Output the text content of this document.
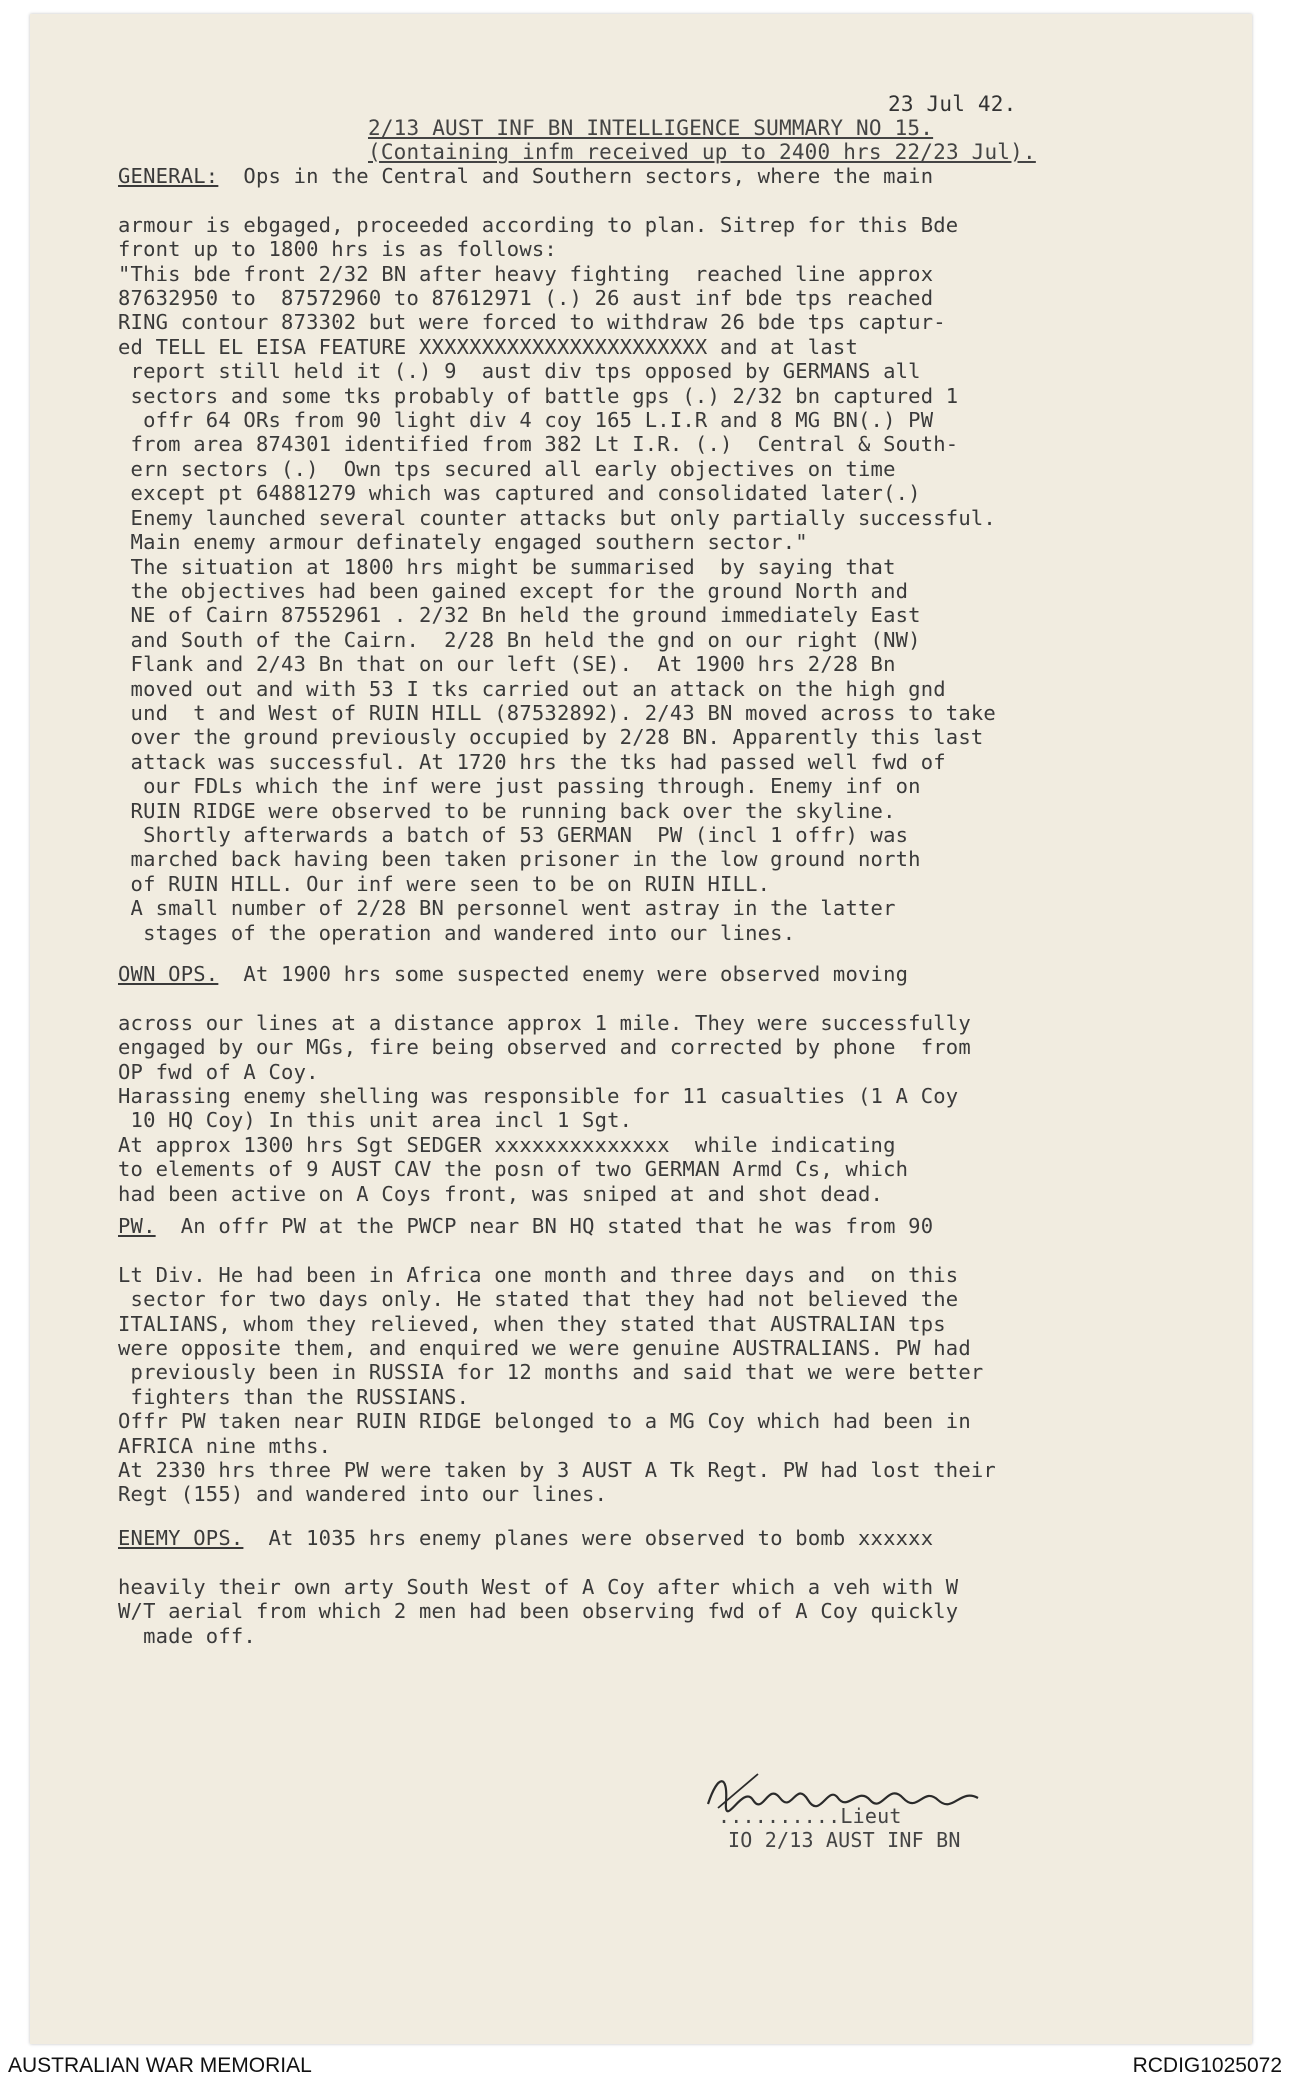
23 Jul 42.
2/13 AUST INF BN INTELLIGENCE SUMMARY NO 15.
(Containing infm received up to 2400 hrs 22/23 Jul).
GENERAL:  Ops in the Central and Southern sectors, where the main

armour is ebgaged, proceeded according to plan. Sitrep for this Bde
front up to 1800 hrs is as follows:
"This bde front 2/32 BN after heavy fighting  reached line approx
87632950 to  87572960 to 87612971 (.) 26 aust inf bde tps reached
RING contour 873302 but were forced to withdraw 26 bde tps captur-
ed TELL EL EISA FEATURE XXXXXXXXXXXXXXXXXXXXXXX and at last
report still held it (.) 9  aust div tps opposed by GERMANS all
sectors and some tks probably of battle gps (.) 2/32 bn captured 1
offr 64 ORs from 90 light div 4 coy 165 L.I.R and 8 MG BN(.) PW
from area 874301 identified from 382 Lt I.R. (.)  Central & South-
ern sectors (.)  Own tps secured all early objectives on time
except pt 64881279 which was captured and consolidated later(.)
Enemy launched several counter attacks but only partially successful.
Main enemy armour definately engaged southern sector."
The situation at 1800 hrs might be summarised  by saying that
the objectives had been gained except for the ground North and
NE of Cairn 87552961 . 2/32 Bn held the ground immediately East
and South of the Cairn.  2/28 Bn held the gnd on our right (NW)
Flank and 2/43 Bn that on our left (SE).  At 1900 hrs 2/28 Bn
moved out and with 53 I tks carried out an attack on the high gnd
und  t and West of RUIN HILL (87532892). 2/43 BN moved across to take
over the ground previously occupied by 2/28 BN. Apparently this last
attack was successful. At 1720 hrs the tks had passed well fwd of
our FDLs which the inf were just passing through. Enemy inf on
RUIN RIDGE were observed to be running back over the skyline.
Shortly afterwards a batch of 53 GERMAN  PW (incl 1 offr) was
marched back having been taken prisoner in the low ground north
of RUIN HILL. Our inf were seen to be on RUIN HILL.
A small number of 2/28 BN personnel went astray in the latter
stages of the operation and wandered into our lines.
OWN OPS.  At 1900 hrs some suspected enemy were observed moving

across our lines at a distance approx 1 mile. They were successfully
engaged by our MGs, fire being observed and corrected by phone  from
OP fwd of A Coy.
Harassing enemy shelling was responsible for 11 casualties (1 A Coy
10 HQ Coy) In this unit area incl 1 Sgt.
At approx 1300 hrs Sgt SEDGER xxxxxxxxxxxxxx  while indicating
to elements of 9 AUST CAV the posn of two GERMAN Armd Cs, which
had been active on A Coys front, was sniped at and shot dead.
PW.  An offr PW at the PWCP near BN HQ stated that he was from 90

Lt Div. He had been in Africa one month and three days and  on this
sector for two days only. He stated that they had not believed the
ITALIANS, whom they relieved, when they stated that AUSTRALIAN tps
were opposite them, and enquired we were genuine AUSTRALIANS. PW had
previously been in RUSSIA for 12 months and said that we were better
fighters than the RUSSIANS.
Offr PW taken near RUIN RIDGE belonged to a MG Coy which had been in
AFRICA nine mths.
At 2330 hrs three PW were taken by 3 AUST A Tk Regt. PW had lost their
Regt (155) and wandered into our lines.
ENEMY OPS.  At 1035 hrs enemy planes were observed to bomb xxxxxx

heavily their own arty South West of A Coy after which a veh with W
W/T aerial from which 2 men had been observing fwd of A Coy quickly
made off.
..........Lieut
IO 2/13 AUST INF BN
AUSTRALIAN WAR MEMORIAL	RCDIG1025072
